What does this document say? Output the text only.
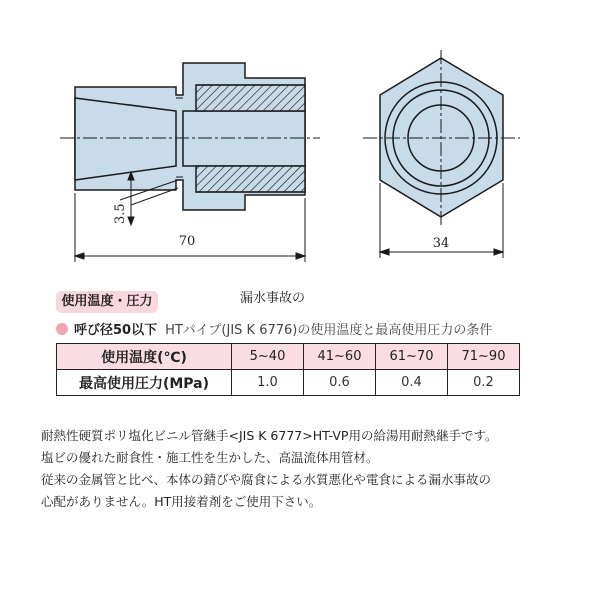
3.5
70	34
漏水事故の
使用温度・圧力
呼び径50以下 HTパイプ(JIS K 6776)の使用温度と最高使用圧力の条件
使用温度(℃)	5~40	41~60	61~70	71~90
最高使用圧力(MPa)	1.0	0.6	0.4	0.2
耐熱性硬質ポリ塩化ビニル管継手<JIS K 6777>HT-VP用の給湯用耐熱継手です。
塩ビの優れた耐食性・施工性を生かした、高温流体用管材。
従来の金属管と比べ、本体の錆びや腐食による水質悪化や電食による漏水事故の
心配がありません。HT用接着剤をご使用下さい。
